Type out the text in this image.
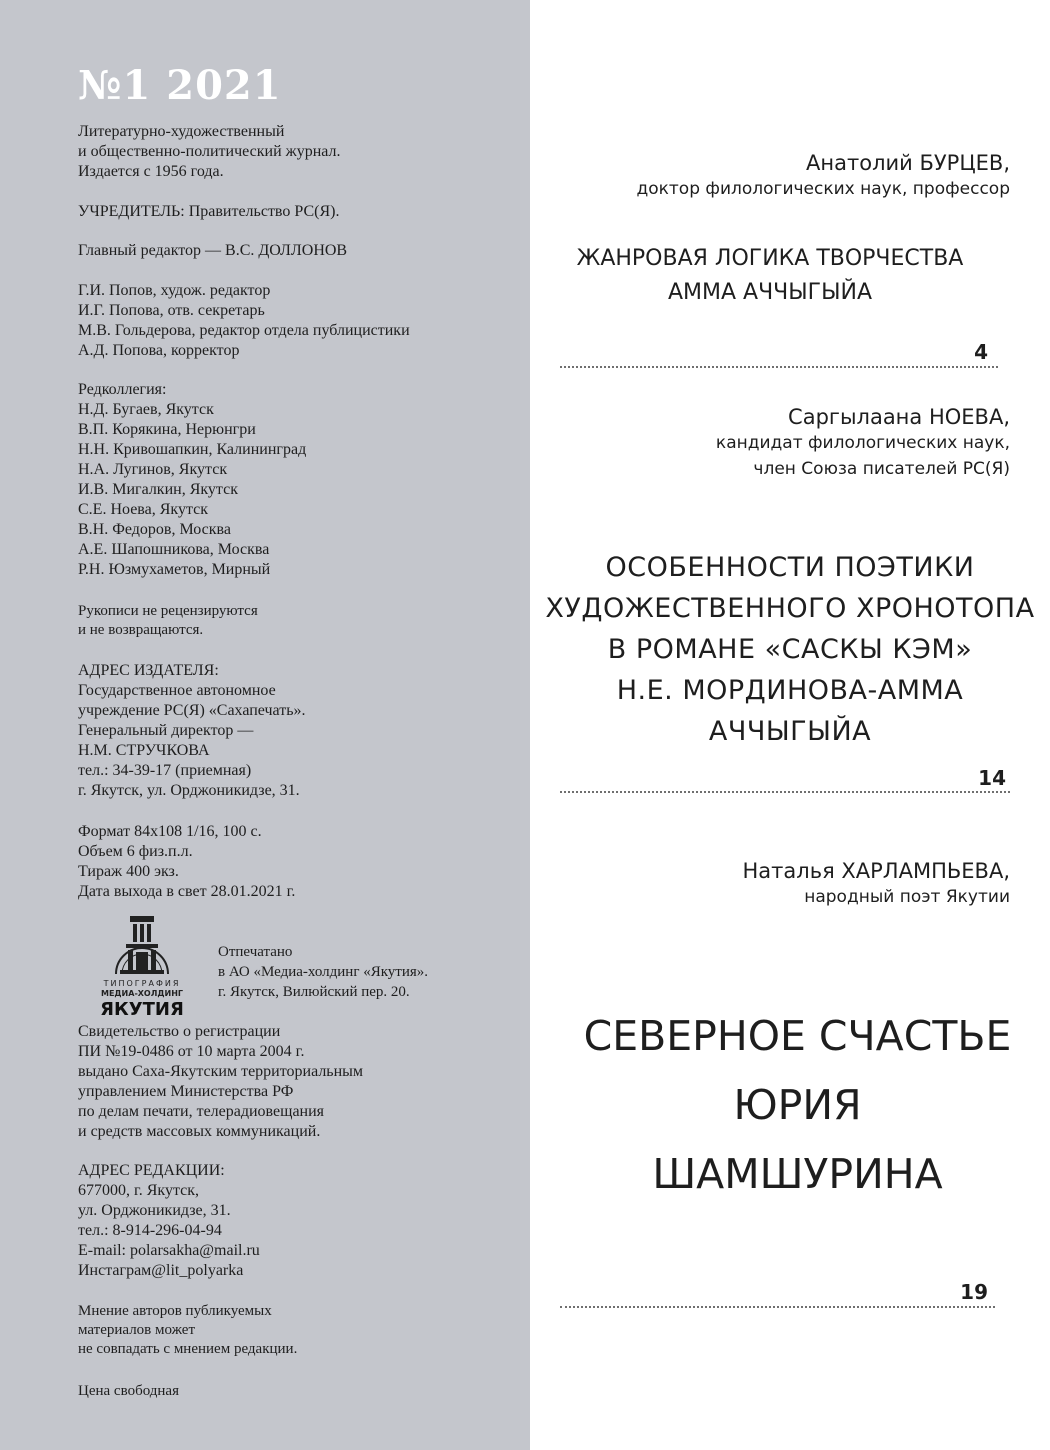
№1 2021
Литературно-художественный
и общественно-политический журнал.
Издается с 1956 года.
УЧРЕДИТЕЛЬ: Правительство РС(Я).
Главный редактор — В.С. ДОЛЛОНОВ
Г.И. Попов, худож. редактор
И.Г. Попова, отв. секретарь
М.В. Гольдерова, редактор отдела публицистики
А.Д. Попова, корректор
Редколлегия:
Н.Д. Бугаев, Якутск
В.П. Корякина, Нерюнгри
Н.Н. Кривошапкин, Калининград
Н.А. Лугинов, Якутск
И.В. Мигалкин, Якутск
С.Е. Ноева, Якутск
В.Н. Федоров, Москва
А.Е. Шапошникова, Москва
Р.Н. Юзмухаметов, Мирный
Рукописи не рецензируются
и не возвращаются.
АДРЕС ИЗДАТЕЛЯ:
Государственное автономное
учреждение РС(Я) «Сахапечать».
Генеральный директор —
Н.М. СТРУЧКОВА
тел.: 34-39-17 (приемная)
г. Якутск, ул. Орджоникидзе, 31.
Формат 84х108 1/16, 100 с.
Объем 6 физ.п.л.
Тираж 400 экз.
Дата выхода в свет 28.01.2021 г.
ТИПОГРАФИЯ
МЕДИА-ХОЛДИНГ
ЯКУТИЯ
Отпечатано
в АО «Медиа-холдинг «Якутия».
г. Якутск, Вилюйский пер. 20.
Свидетельство о регистрации
ПИ №19-0486 от 10 марта 2004 г.
выдано Саха-Якутским территориальным
управлением Министерства РФ
по делам печати, телерадиовещания
и средств массовых коммуникаций.
АДРЕС РЕДАКЦИИ:
677000, г. Якутск,
ул. Орджоникидзе, 31.
тел.: 8-914-296-04-94
E-mail: polarsakha@mail.ru
Инстаграм@lit_polyarka
Мнение авторов публикуемых
материалов может
не совпадать с мнением редакции.
Цена свободная
Анатолий БУРЦЕВ,
доктор филологических наук, профессор
ЖАНРОВАЯ ЛОГИКА ТВОРЧЕСТВА
АММА АЧЧЫГЫЙА
4
Саргылаана НОЕВА,
кандидат филологических наук,
член Союза писателей РС(Я)
ОСОБЕННОСТИ ПОЭТИКИ
ХУДОЖЕСТВЕННОГО ХРОНОТОПА
В РОМАНЕ «САСКЫ КЭМ»
Н.Е. МОРДИНОВА-АММА
АЧЧЫГЫЙА
14
Наталья ХАРЛАМПЬЕВА,
народный поэт Якутии
СЕВЕРНОЕ СЧАСТЬЕ
ЮРИЯ
ШАМШУРИНА
19
